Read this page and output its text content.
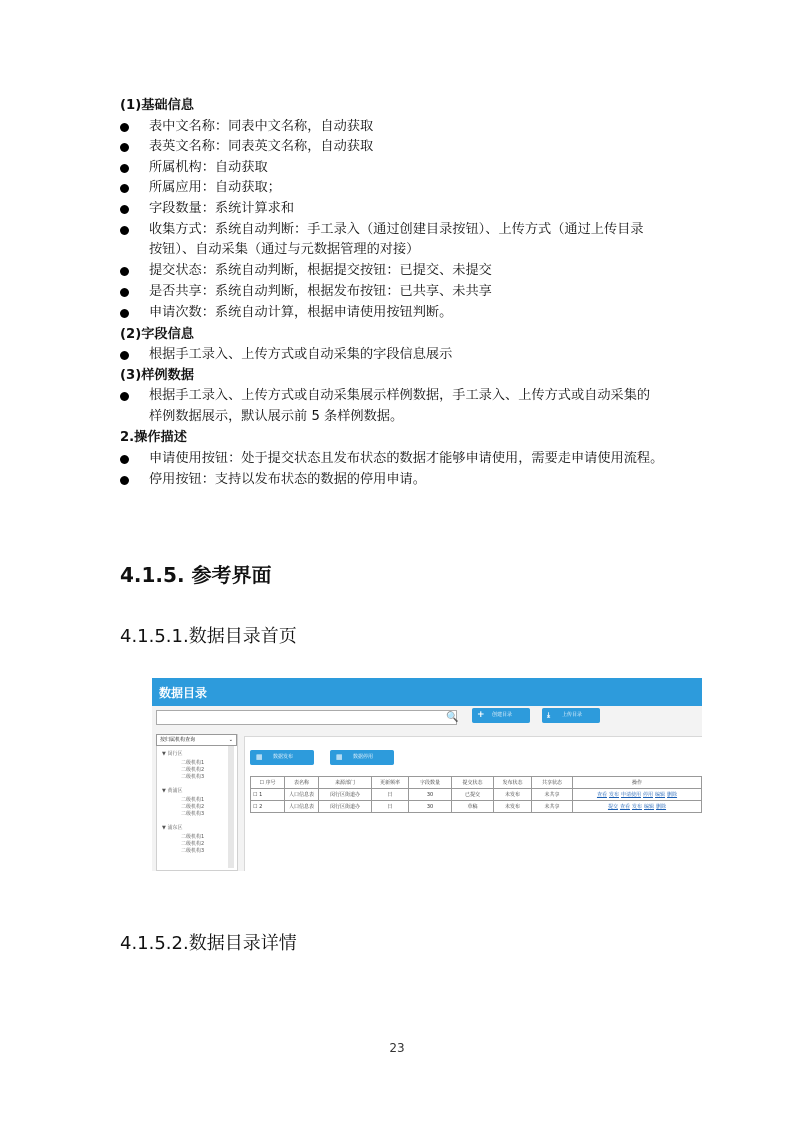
(1)基础信息
表中文名称：同表中文名称，自动获取
表英文名称：同表英文名称，自动获取
所属机构：自动获取
所属应用：自动获取；
字段数量：系统计算求和
收集方式：系统自动判断：手工录入（通过创建目录按钮）、上传方式（通过上传目录
按钮）、自动采集（通过与元数据管理的对接）
提交状态：系统自动判断，根据提交按钮：已提交、未提交
是否共享：系统自动判断，根据发布按钮：已共享、未共享
申请次数：系统自动计算，根据申请使用按钮判断。
(2)字段信息
根据手工录入、上传方式或自动采集的字段信息展示
(3)样例数据
根据手工录入、上传方式或自动采集展示样例数据，手工录入、上传方式或自动采集的
样例数据展示，默认展示前 5 条样例数据。
2.操作描述
申请使用按钮：处于提交状态且发布状态的数据才能够申请使用，需要走申请使用流程。
停用按钮：支持以发布状态的数据的停用申请。
4.1.5. 参考界面
4.1.5.1.数据目录首页
数据目录
🔍 + 创建目录	⤓ 上传目录
按归属机构查询	⌄
▼ 闵行区
二级机构1
二级机构2
二级机构3
▼ 黄浦区
二级机构1
二级机构2
二级机构3
▼ 浦东区
二级机构1
二级机构2
二级机构3
▦ 数据发布	▦ 数据停用
☐ 序号	表名称	来源部门	更新频率	字段数量	提交状态	发布状态	共享状态	操作
☐ 1	人口信息表	闵行区街道办	日	30	已提交	未发布	未共享	查看 发布 申请使用 停用 编辑 删除
☐ 2	人口信息表	闵行区街道办	日	30	草稿	未发布	未共享	提交 查看 发布 编辑 删除
4.1.5.2.数据目录详情
23
